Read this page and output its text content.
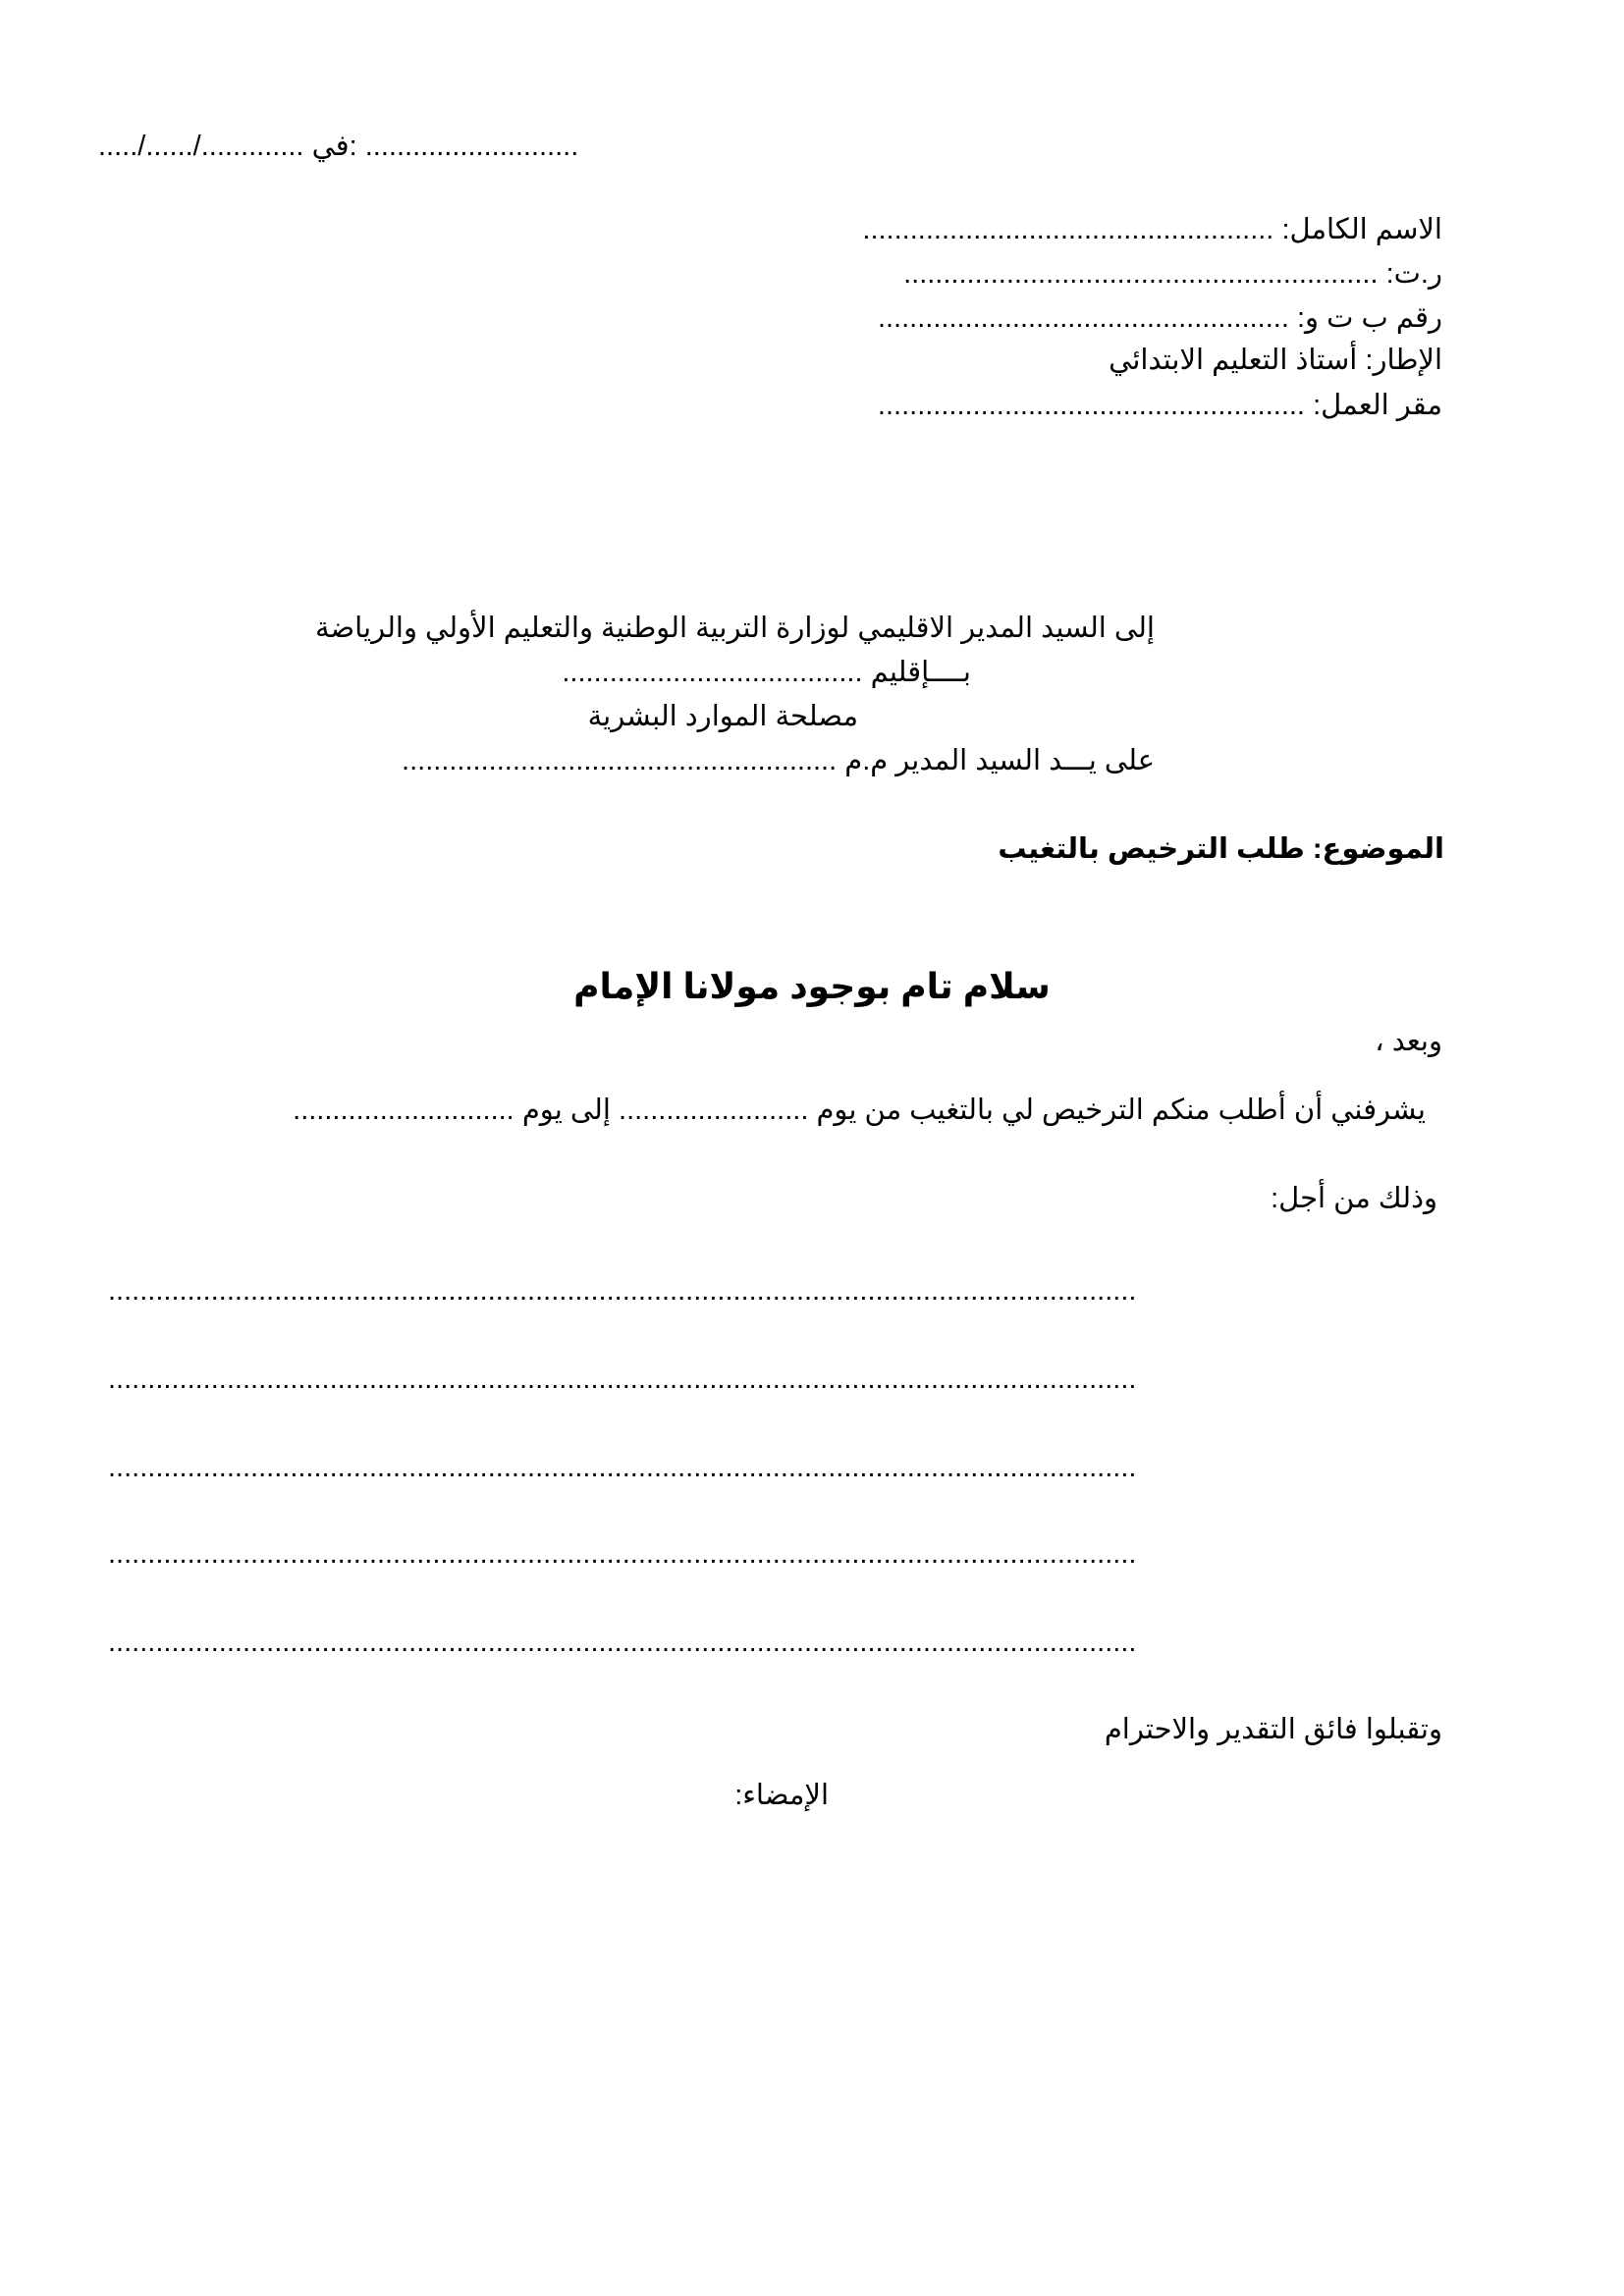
...../....../............. في: ...........................
الاسم الكامل: ....................................................
ر.ت: ............................................................
رقم ب ت و: ....................................................
الإطار: أستاذ التعليم الابتدائي
مقر العمل: ......................................................
إلى السيد المدير الاقليمي لوزارة التربية الوطنية والتعليم الأولي والرياضة
بــــإقليم ......................................
مصلحة الموارد البشرية
على يـــد السيد المدير م.م .......................................................
الموضوع: طلب الترخيص بالتغيب
سلام تام بوجود مولانا الإمام
وبعد ،
يشرفني أن أطلب منكم الترخيص لي بالتغيب من يوم ........................ إلى يوم ............................
وذلك من أجل:
..................................................................................................................................
..................................................................................................................................
..................................................................................................................................
..................................................................................................................................
..................................................................................................................................
وتقبلوا فائق التقدير والاحترام
الإمضاء:
